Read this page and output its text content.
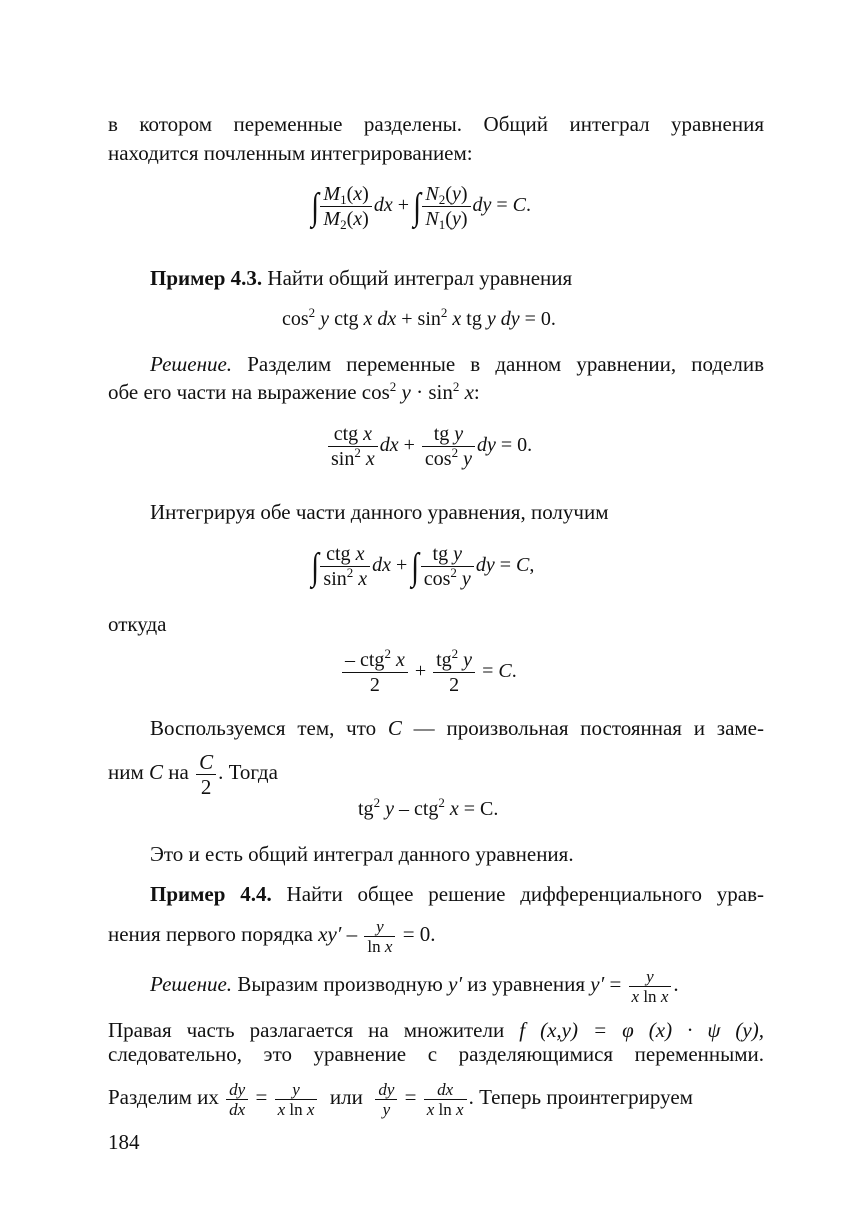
в котором переменные разделены. Общий интеграл уравнения
находится почленным интегрированием:
∫ $\frac{M_1(x)}{M_2(x)}$ dx + ∫ $\frac{N_2(y)}{N_1(y)}$ dy = C.
Пример 4.3. Найти общий интеграл уравнения
$\cos^2 y$ ctg x dx + $\sin^2 x$ tg y dy = 0.
Решение. Разделим переменные в данном уравнении, поделив
обе его части на выражение $\cos^2 y \cdot \sin^2 x$:
$\frac{\text{ctg x}}{\sin^2 x}$ dx + $\frac{\text{tg y}}{\cos^2 y}$ dy = 0.
Интегрируя обе части данного уравнения, получим
∫ $\frac{\text{ctg x}}{\sin^2 x}$ dx + ∫ $\frac{\text{tg y}}{\cos^2 y}$ dy = C,
откуда
$\frac{- ctg^2 x}{2} + \frac{tg^2 y}{2} = C$.
Воспользуемся тем, что C — произвольная постоянная и заме-
ним C на $\frac{C}{2}$ . Тогда
$tg^2$ y – ctg$^2$ x = C.
Это и есть общий интеграл данного уравнения.
Пример 4.4. Найти общее решение дифференциального урав-
нения первого порядка $xy' - \frac{y}{\text{ln x}} = 0$.
Решение. Выразим производную y′ из уравнения $y' = \frac{y}{\text{x ln x}}$ .
Правая часть разлагается на множители f (x,y) = φ (x) · ψ (y),
следовательно, это уравнение с разделяющимися переменными.
Разделим их $\frac{dy}{dx} = \frac{y}{\text{x ln x}}$ или $\frac{dy}{y} = \frac{dx}{\text{x ln x}}$ . Теперь проинтегрируем
184
